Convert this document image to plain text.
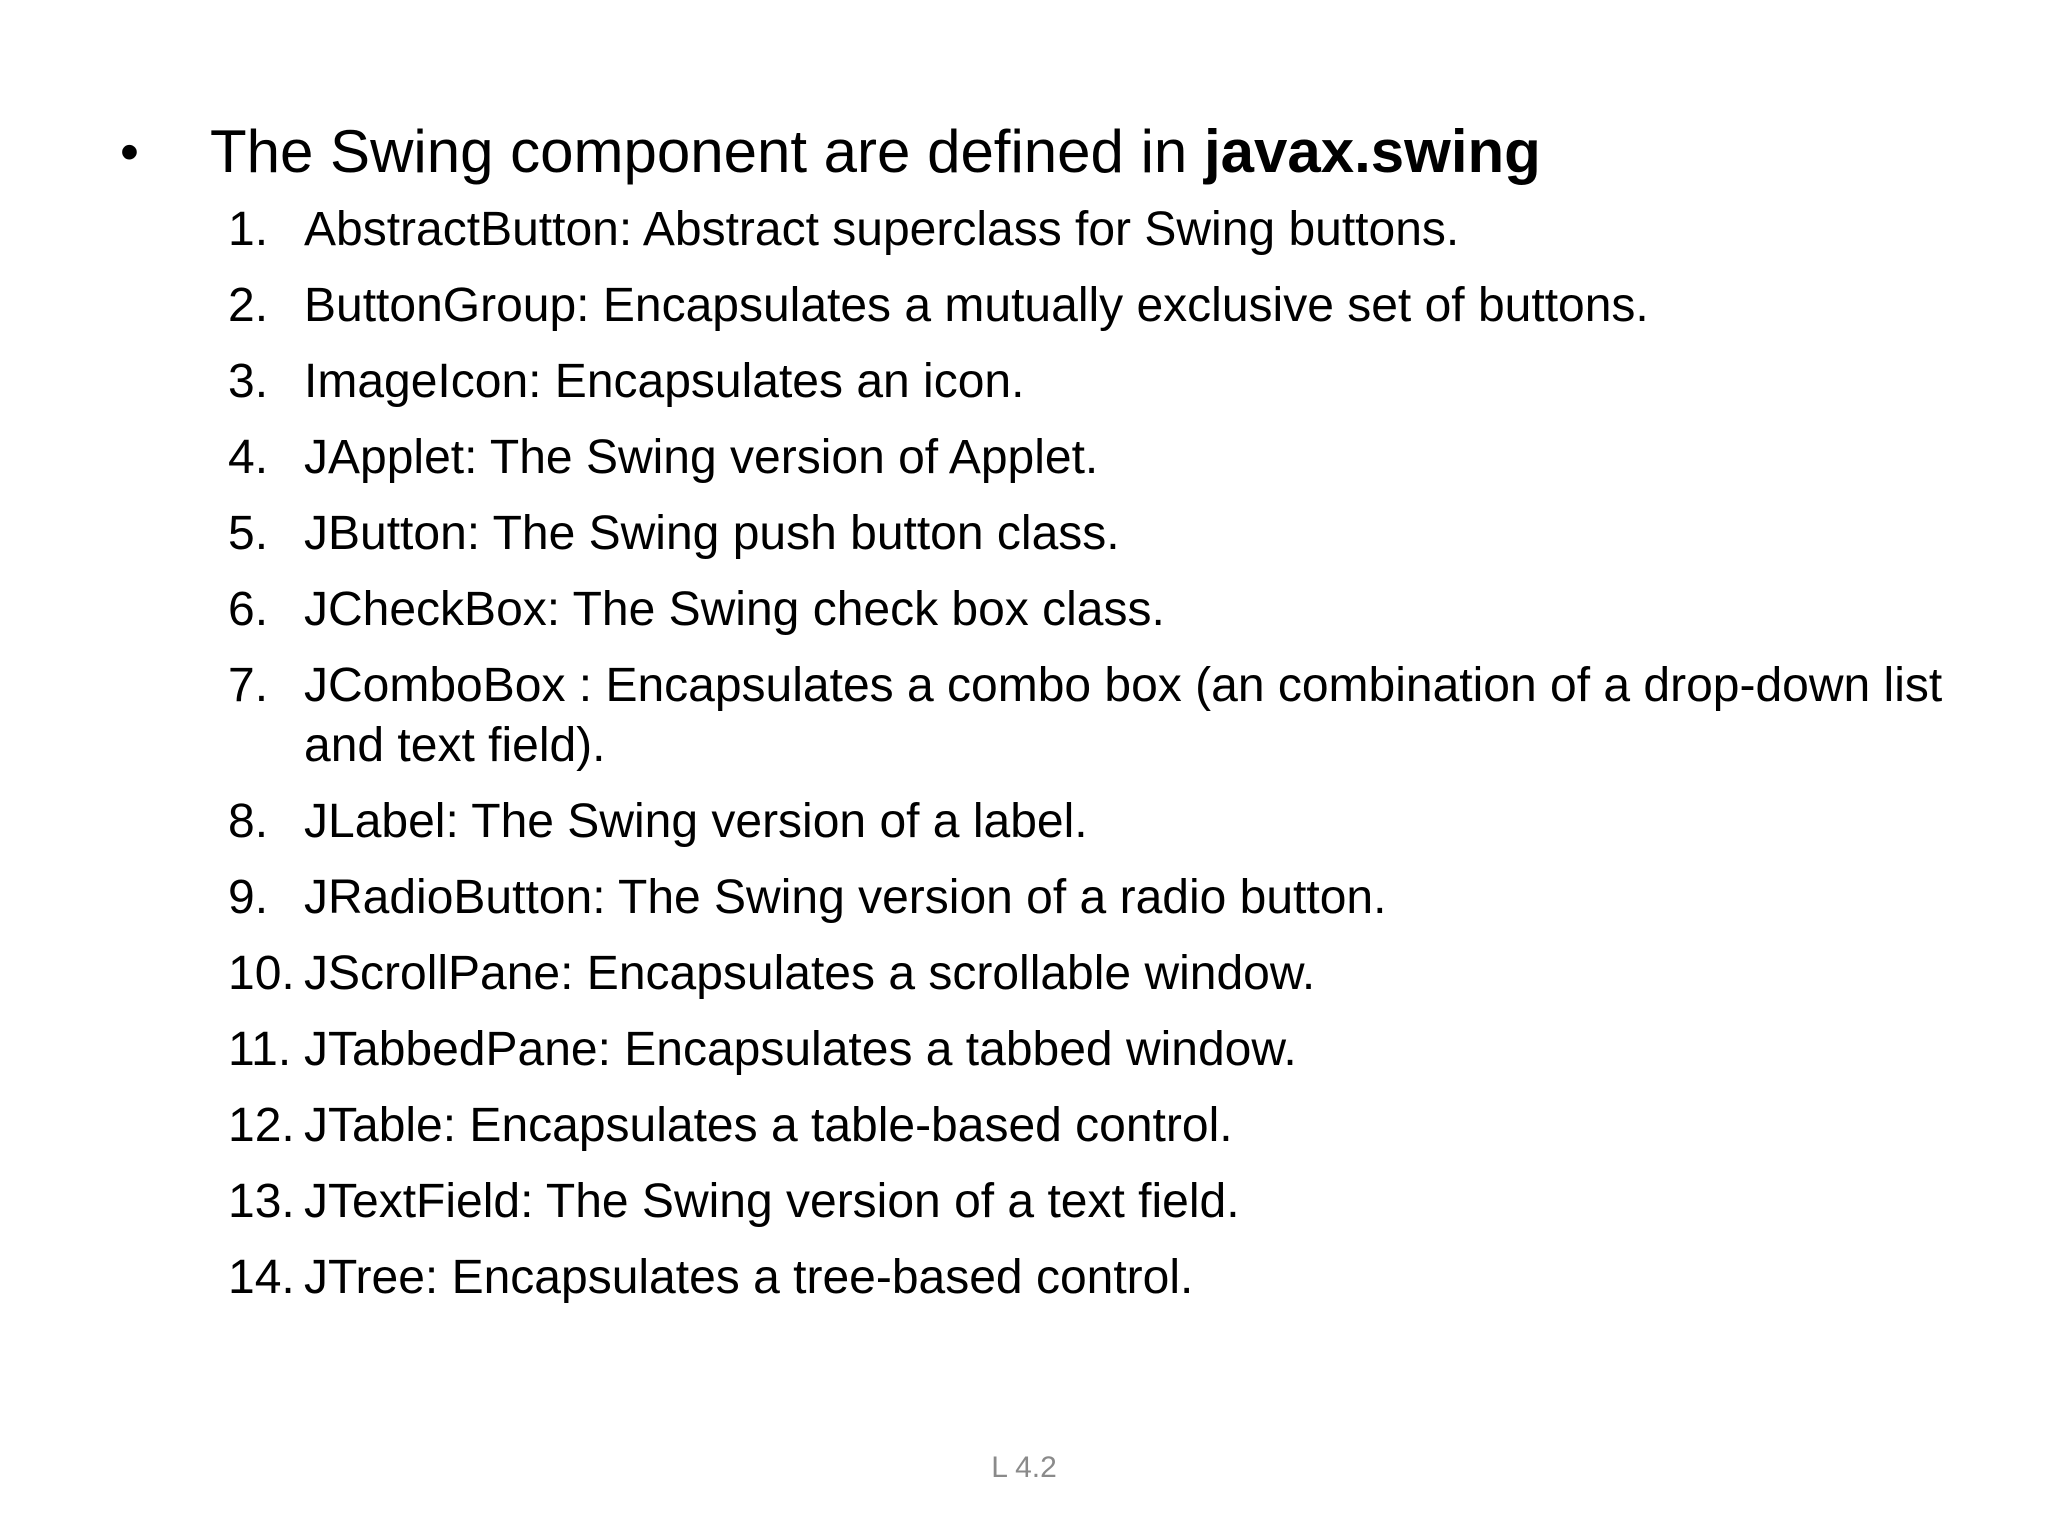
•	The Swing component are defined in javax.swing
1. AbstractButton: Abstract superclass for Swing buttons.
2. ButtonGroup: Encapsulates a mutually exclusive set of buttons.
3. ImageIcon: Encapsulates an icon.
4. JApplet: The Swing version of Applet.
5. JButton: The Swing push button class.
6. JCheckBox: The Swing check box class.
7. JComboBox : Encapsulates a combo box (an combination of a drop-down list and text field).
8. JLabel: The Swing version of a label.
9. JRadioButton: The Swing version of a radio button.
10. JScrollPane: Encapsulates a scrollable window.
11. JTabbedPane: Encapsulates a tabbed window.
12. JTable: Encapsulates a table-based control.
13. JTextField: The Swing version of a text field.
14. JTree: Encapsulates a tree-based control.
L 4.2
